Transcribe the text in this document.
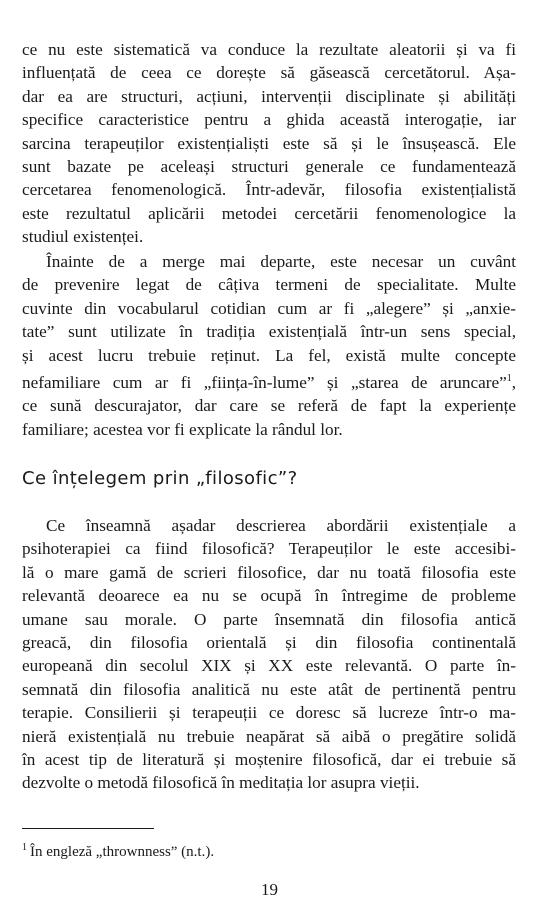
ce nu este sistematică va conduce la rezultate aleatorii și va fi
influențată de ceea ce dorește să găsească cercetătorul. Așa-
dar ea are structuri, acțiuni, intervenții disciplinate și abilități
specifice caracteristice pentru a ghida această interogație, iar
sarcina terapeuților existențialiști este să și le însușească. Ele
sunt bazate pe aceleași structuri generale ce fundamentează
cercetarea fenomenologică. Într-adevăr, filosofia existențialistă
este rezultatul aplicării metodei cercetării fenomenologice la
studiul existenței.
Înainte de a merge mai departe, este necesar un cuvânt
de prevenire legat de câțiva termeni de specialitate. Multe
cuvinte din vocabularul cotidian cum ar fi „alegere” și „anxie-
tate” sunt utilizate în tradiția existențială într-un sens special,
și acest lucru trebuie reținut. La fel, există multe concepte
nefamiliare cum ar fi „ființa-în-lume” și „starea de aruncare”$^1$,
ce sună descurajator, dar care se referă de fapt la experiențe
familiare; acestea vor fi explicate la rândul lor.
Ce înțelegem prin „filosofic”?
Ce înseamnă așadar descrierea abordării existențiale a
psihoterapiei ca fiind filosofică? Terapeuților le este accesibi-
lă o mare gamă de scrieri filosofice, dar nu toată filosofia este
relevantă deoarece ea nu se ocupă în întregime de probleme
umane sau morale. O parte însemnată din filosofia antică
greacă, din filosofia orientală și din filosofia continentală
europeană din secolul XIX și XX este relevantă. O parte în-
semnată din filosofia analitică nu este atât de pertinentă pentru
terapie. Consilierii și terapeuții ce doresc să lucreze într-o ma-
nieră existențială nu trebuie neapărat să aibă o pregătire solidă
în acest tip de literatură și moștenire filosofică, dar ei trebuie să
dezvolte o metodă filosofică în meditația lor asupra vieții.
$^1$ În engleză „thrownness” (n.t.).
19
